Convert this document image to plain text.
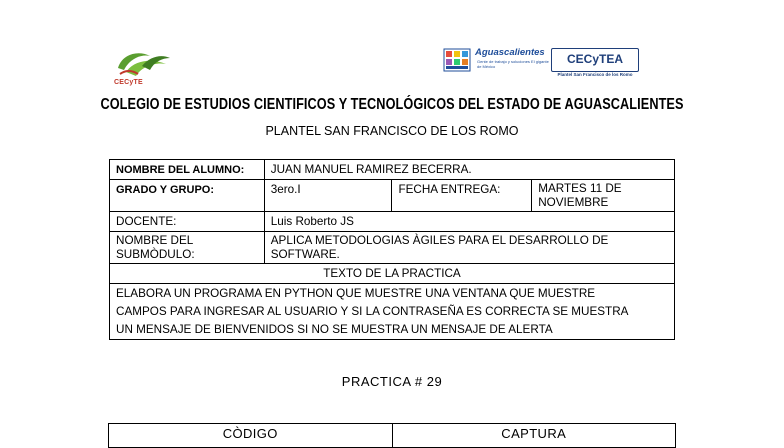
CECyTE
Aguascalientes
Gente de trabajo y soluciones El gigante de México
CECyTEA
Plantel San Francisco de los Romo
COLEGIO DE ESTUDIOS CIENTIFICOS Y TECNOLÓGICOS DEL ESTADO DE AGUASCALIENTES
PLANTEL SAN FRANCISCO DE LOS ROMO
NOMBRE DEL ALUMNO:	JUAN MANUEL RAMIREZ BECERRA.		
GRADO Y GRUPO:	3ero.I	FECHA ENTREGA:	MARTES 11 DE
NOVIEMBRE
DOCENTE:	Luis Roberto JS		
NOMBRE DEL
SUBMÒDULO:	APLICA METODOLOGIAS ÀGILES PARA EL DESARROLLO DE
SOFTWARE.		
TEXTO DE LA PRACTICA			
ELABORA UN PROGRAMA EN PYTHON QUE MUESTRE UNA VENTANA QUE MUESTRE
CAMPOS PARA INGRESAR AL USUARIO Y SI LA CONTRASEÑA ES CORRECTA SE MUESTRA
UN MENSAJE DE BIENVENIDOS SI NO SE MUESTRA UN MENSAJE DE ALERTA			
PRACTICA # 29
CÒDIGO	CAPTURA
